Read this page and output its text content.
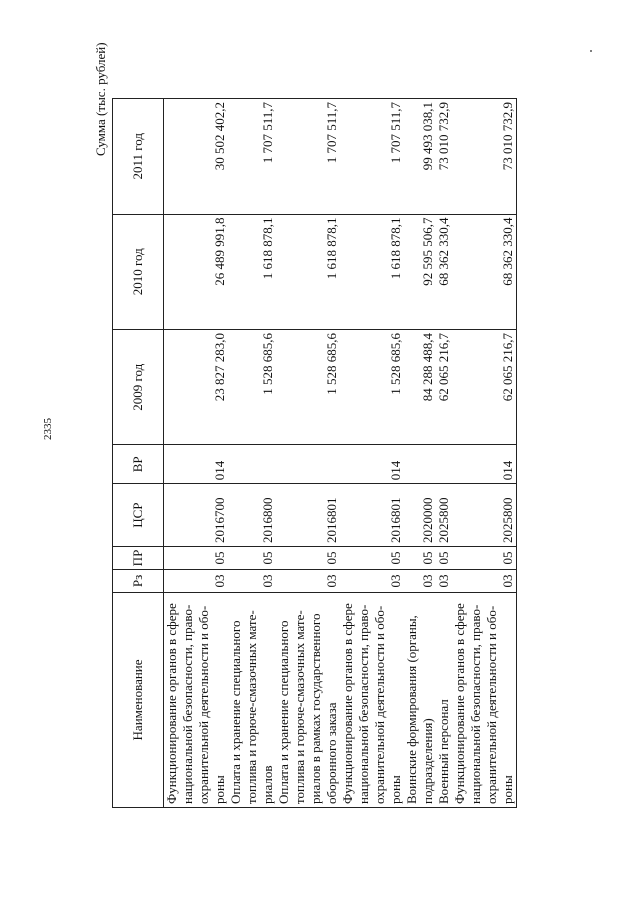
2335
Сумма (тыс. рублей)
Наименование	Рз	ПР	ЦСР	ВР	2009 год	2010 год	2011 год
Функционирование органов в сфере национальной безопасности, право-охранительной деятельности и обо-роны	03	05	2016700	014	23 827 283,0	26 489 991,8	30 502 402,2
Оплата и хранение специального топлива и горюче-смазочных мате-риалов	03	05	2016800		1 528 685,6	1 618 878,1	1 707 511,7
Оплата и хранение специального топлива и горюче-смазочных мате-риалов в рамках государственного оборонного заказа	03	05	2016801		1 528 685,6	1 618 878,1	1 707 511,7
Функционирование органов в сфере национальной безопасности, право-охранительной деятельности и обо-роны	03	05	2016801	014	1 528 685,6	1 618 878,1	1 707 511,7
Воинские формирования (органы, подразделения)	03	05	2020000		84 288 488,4	92 595 506,7	99 493 038,1
Военный персонал	03	05	2025800		62 065 216,7	68 362 330,4	73 010 732,9
Функционирование органов в сфере национальной безопасности, право-охранительной деятельности и обо-роны	03	05	2025800	014	62 065 216,7	68 362 330,4	73 010 732,9
